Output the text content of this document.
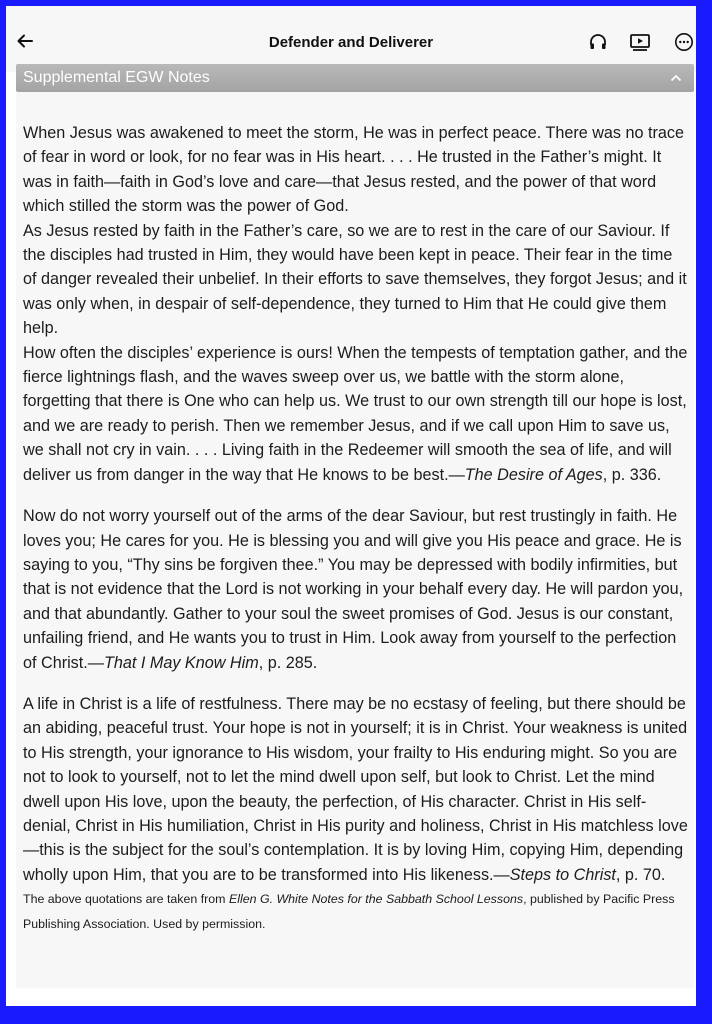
Defender and Deliverer
Supplemental EGW Notes

When Jesus was awakened to meet the storm, He was in perfect peace. There was no trace of fear in word or look, for no fear was in His heart. . . . He trusted in the Father’s might. It was in faith—faith in God’s love and care—that Jesus rested, and the power of that word which stilled the storm was the power of God.

As Jesus rested by faith in the Father’s care, so we are to rest in the care of our Saviour. If the disciples had trusted in Him, they would have been kept in peace. Their fear in the time of danger revealed their unbelief. In their efforts to save themselves, they forgot Jesus; and it was only when, in despair of self-dependence, they turned to Him that He could give them help.

How often the disciples’ experience is ours! When the tempests of temptation gather, and the fierce lightnings flash, and the waves sweep over us, we battle with the storm alone, forgetting that there is One who can help us. We trust to our own strength till our hope is lost, and we are ready to perish. Then we remember Jesus, and if we call upon Him to save us, we shall not cry in vain. . . . Living faith in the Redeemer will smooth the sea of life, and will deliver us from danger in the way that He knows to be best.—The Desire of Ages, p. 336.

Now do not worry yourself out of the arms of the dear Saviour, but rest trustingly in faith. He loves you; He cares for you. He is blessing you and will give you His peace and grace. He is saying to you, “Thy sins be forgiven thee.” You may be depressed with bodily infirmities, but that is not evidence that the Lord is not working in your behalf every day. He will pardon you, and that abundantly. Gather to your soul the sweet promises of God. Jesus is our constant, unfailing friend, and He wants you to trust in Him. Look away from yourself to the perfection of Christ.—That I May Know Him, p. 285.

A life in Christ is a life of restfulness. There may be no ecstasy of feeling, but there should be an abiding, peaceful trust. Your hope is not in yourself; it is in Christ. Your weakness is united to His strength, your ignorance to His wisdom, your frailty to His enduring might. So you are not to look to yourself, not to let the mind dwell upon self, but look to Christ. Let the mind dwell upon His love, upon the beauty, the perfection, of His character. Christ in His self-denial, Christ in His humiliation, Christ in His purity and holiness, Christ in His matchless love—this is the subject for the soul’s contemplation. It is by loving Him, copying Him, depending wholly upon Him, that you are to be transformed into His likeness.—Steps to Christ, p. 70.

The above quotations are taken from Ellen G. White Notes for the Sabbath School Lessons, published by Pacific Press Publishing Association. Used by permission.
